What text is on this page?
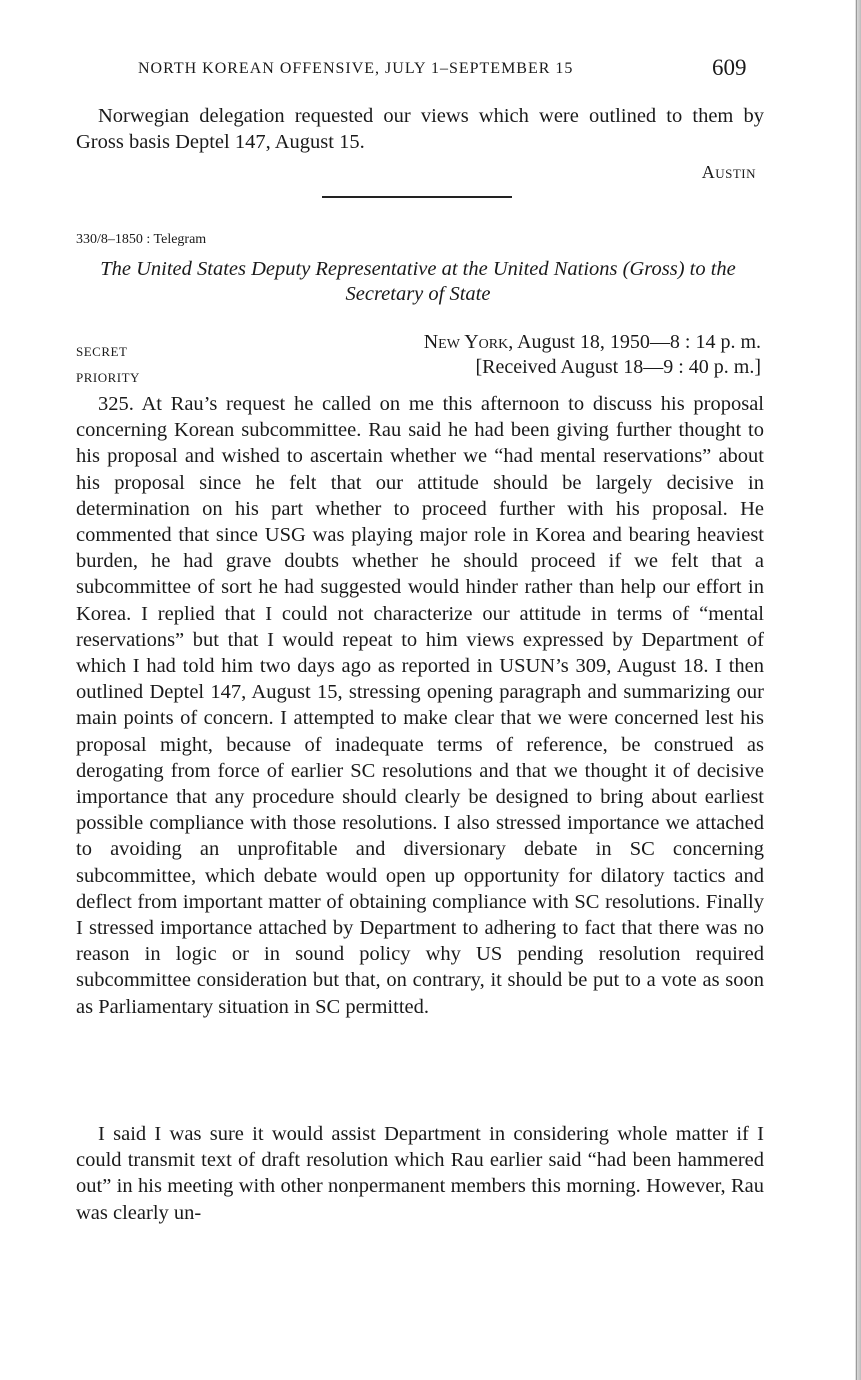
NORTH KOREAN OFFENSIVE, JULY 1–SEPTEMBER 15	609
Norwegian delegation requested our views which were outlined to them by Gross basis Deptel 147, August 15.
Austin
330/8–1850 : Telegram
The United States Deputy Representative at the United Nations (Gross) to the Secretary of State
SECRET
PRIORITY
New York, August 18, 1950—8 : 14 p. m.
[Received August 18—9 : 40 p. m.]
325. At Rau’s request he called on me this afternoon to discuss his proposal concerning Korean subcommittee. Rau said he had been giving further thought to his proposal and wished to ascertain whether we “had mental reservations” about his proposal since he felt that our attitude should be largely decisive in determination on his part whether to proceed further with his proposal. He commented that since USG was playing major role in Korea and bearing heaviest burden, he had grave doubts whether he should proceed if we felt that a subcommittee of sort he had suggested would hinder rather than help our effort in Korea. I replied that I could not characterize our attitude in terms of “mental reservations” but that I would repeat to him views expressed by Department of which I had told him two days ago as reported in USUN’s 309, August 18. I then outlined Deptel 147, August 15, stressing opening paragraph and summarizing our main points of concern. I attempted to make clear that we were concerned lest his proposal might, because of inadequate terms of reference, be construed as derogating from force of earlier SC resolutions and that we thought it of decisive importance that any procedure should clearly be designed to bring about earliest possible compliance with those resolutions. I also stressed importance we attached to avoiding an unprofitable and diversionary debate in SC concerning subcommittee, which debate would open up opportunity for dilatory tactics and deflect from important matter of obtaining compliance with SC resolutions. Finally I stressed importance attached by Department to adhering to fact that there was no reason in logic or in sound policy why US pending resolution required subcommittee consideration but that, on contrary, it should be put to a vote as soon as Parliamentary situation in SC permitted.
I said I was sure it would assist Department in considering whole matter if I could transmit text of draft resolution which Rau earlier said “had been hammered out” in his meeting with other nonpermanent members this morning. However, Rau was clearly un-
